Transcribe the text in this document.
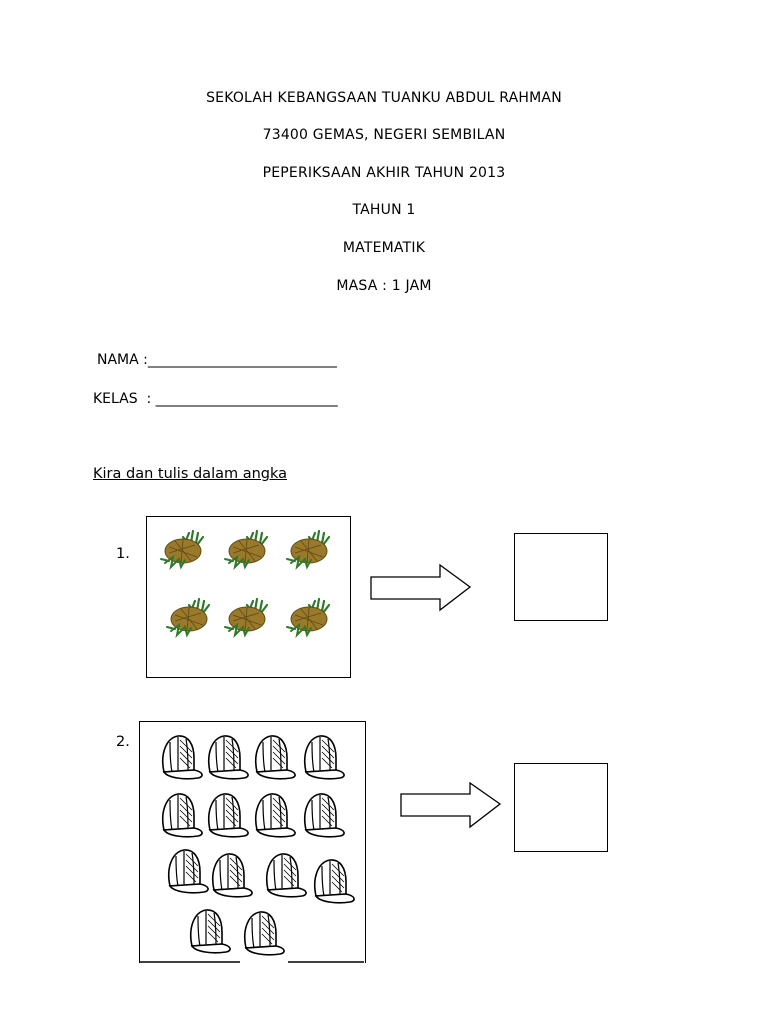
SEKOLAH KEBANGSAAN TUANKU ABDUL RAHMAN
73400 GEMAS, NEGERI SEMBILAN
PEPERIKSAAN AKHIR TAHUN 2013
TAHUN 1
MATEMATIK
MASA : 1 JAM
NAMA :___________________________
KELAS  : __________________________
Kira dan tulis dalam angka
1.
2.
